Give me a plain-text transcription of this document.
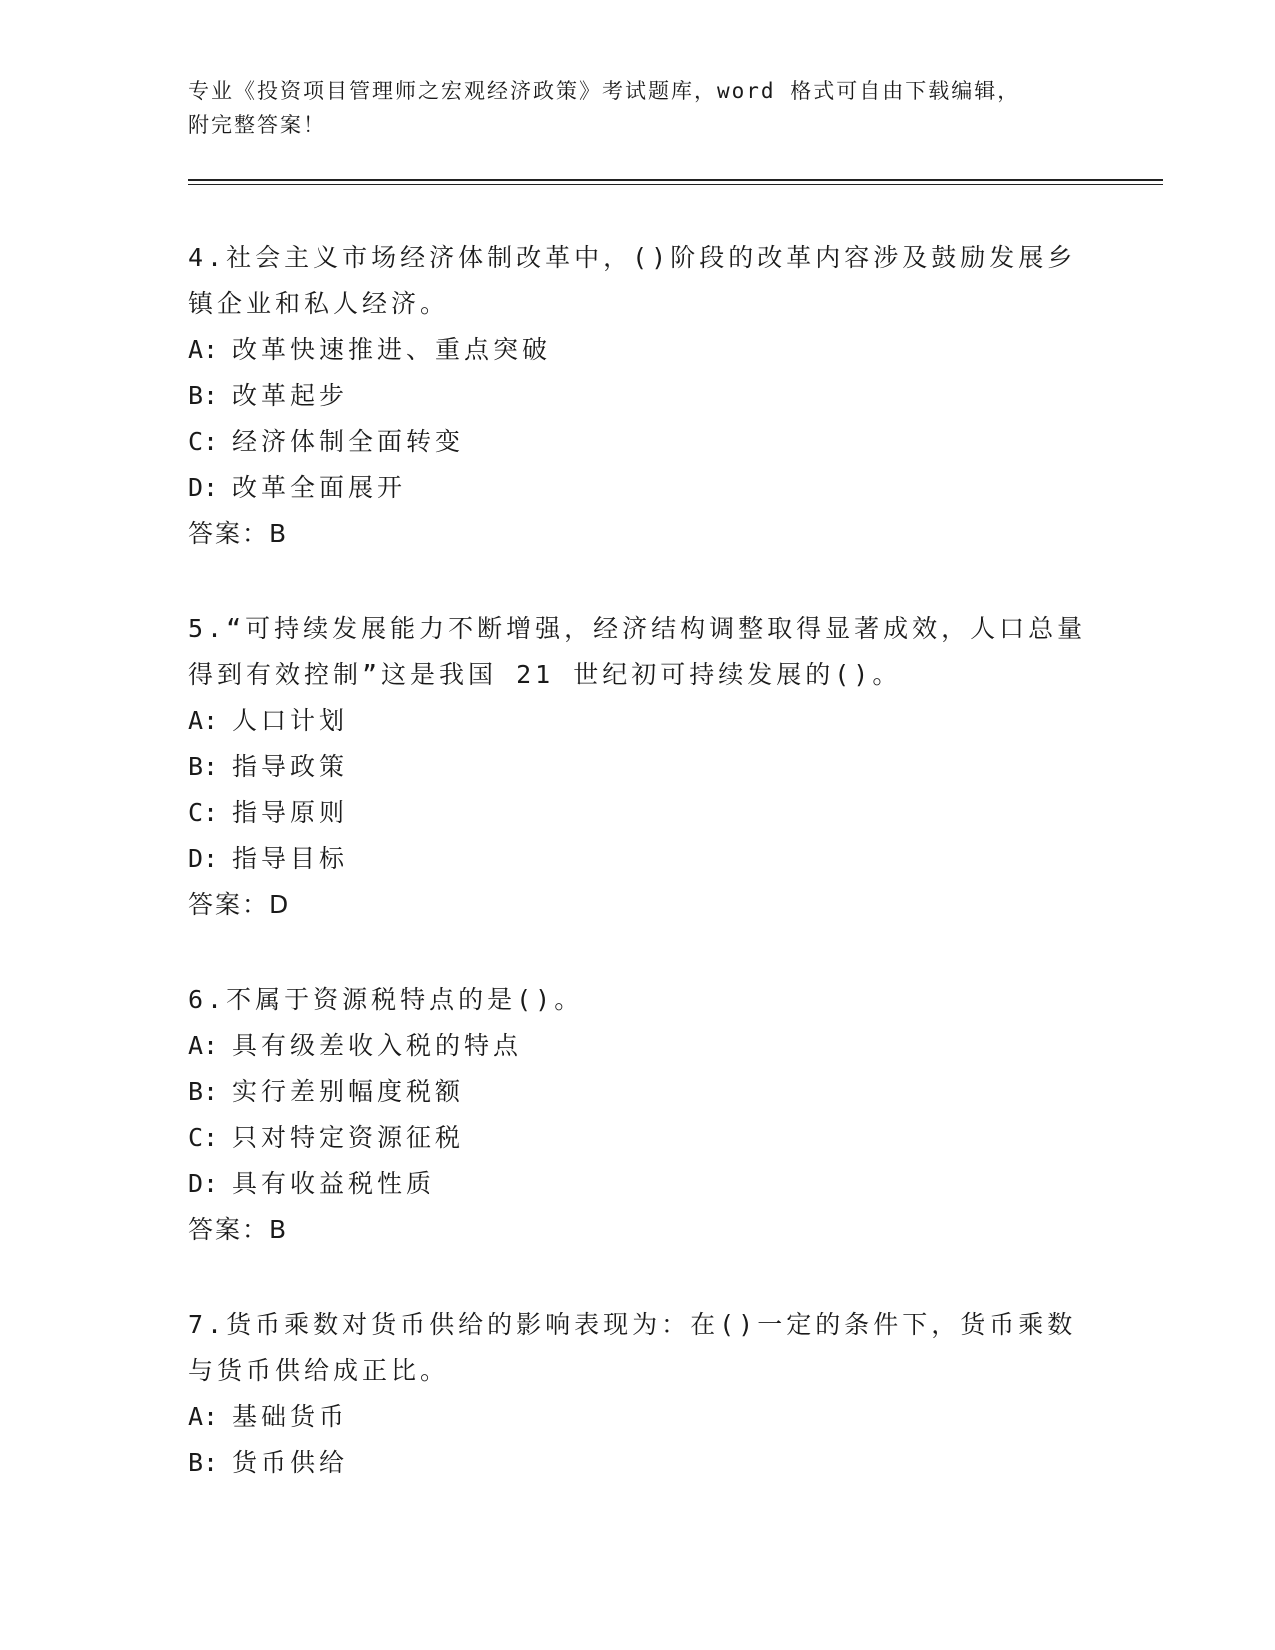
专业《投资项目管理师之宏观经济政策》考试题库，word 格式可自由下载编辑，
附完整答案！

4.社会主义市场经济体制改革中，()阶段的改革内容涉及鼓励发展乡镇企业和私人经济。

A: 改革快速推进、重点突破

B: 改革起步

C: 经济体制全面转变

D: 改革全面展开

答案：B

5.“可持续发展能力不断增强，经济结构调整取得显著成效，人口总量得到有效控制”这是我国 21 世纪初可持续发展的()。

A: 人口计划

B: 指导政策

C: 指导原则

D: 指导目标

答案：D

6.不属于资源税特点的是()。

A: 具有级差收入税的特点

B: 实行差别幅度税额

C: 只对特定资源征税

D: 具有收益税性质

答案：B

7.货币乘数对货币供给的影响表现为：在()一定的条件下，货币乘数与货币供给成正比。

A: 基础货币

B: 货币供给
